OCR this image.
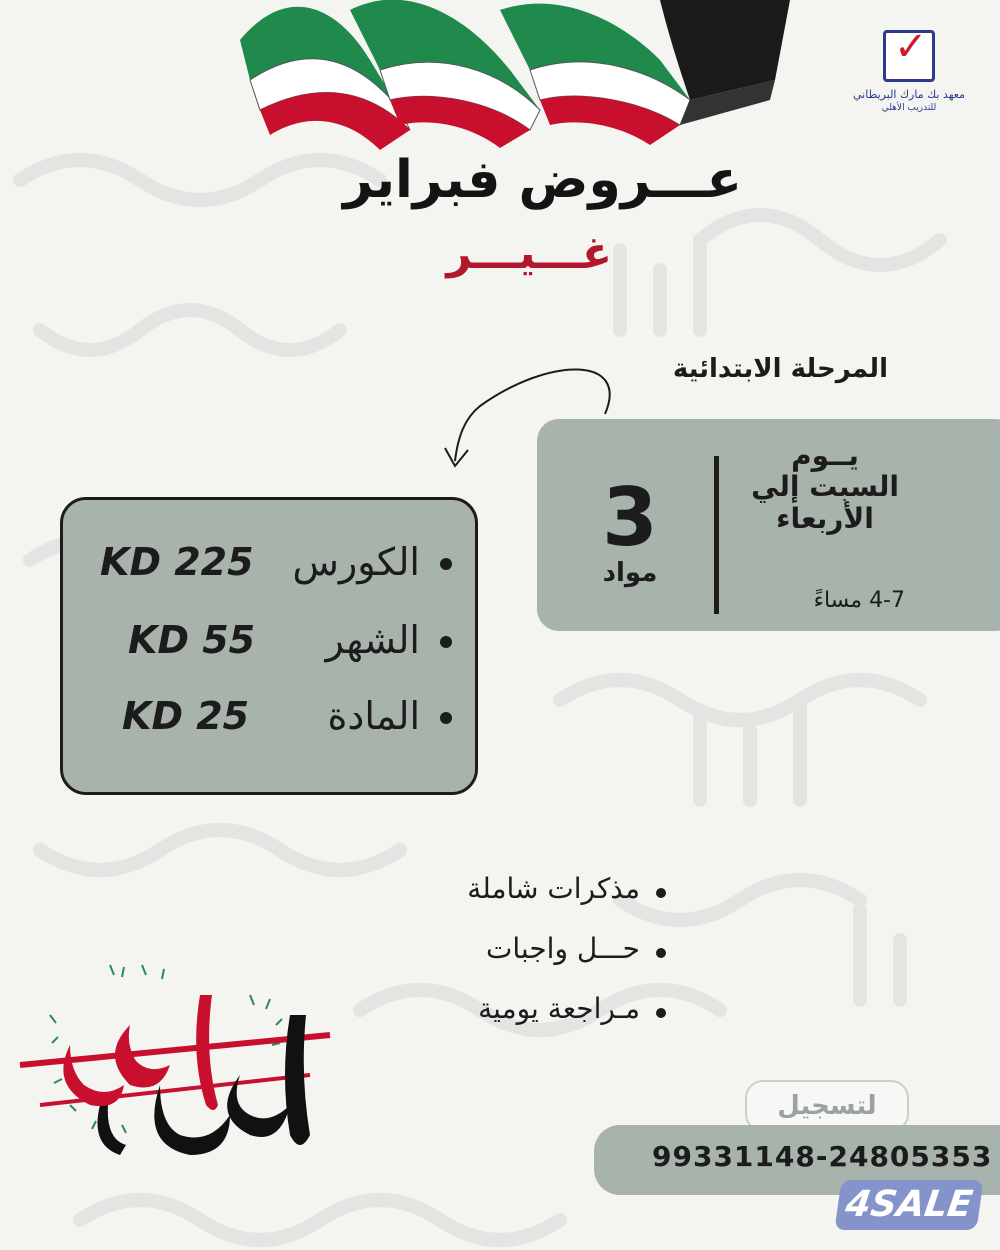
✓
معهد بك مارك البريطاني
للتدريب الأهلي
عـــروض فبراير
غـــيـــر
المرحلة الابتدائية
3
مواد
يــوم السبت إلي الأربعاء
4-7 مساءً
الكورس
KD 225
الشهر
KD 55
المادة
KD 25
مذكرات شاملة
حـــل واجبات
مـراجعة يومية
لتسجيل
99331148-24805353
4SALE
